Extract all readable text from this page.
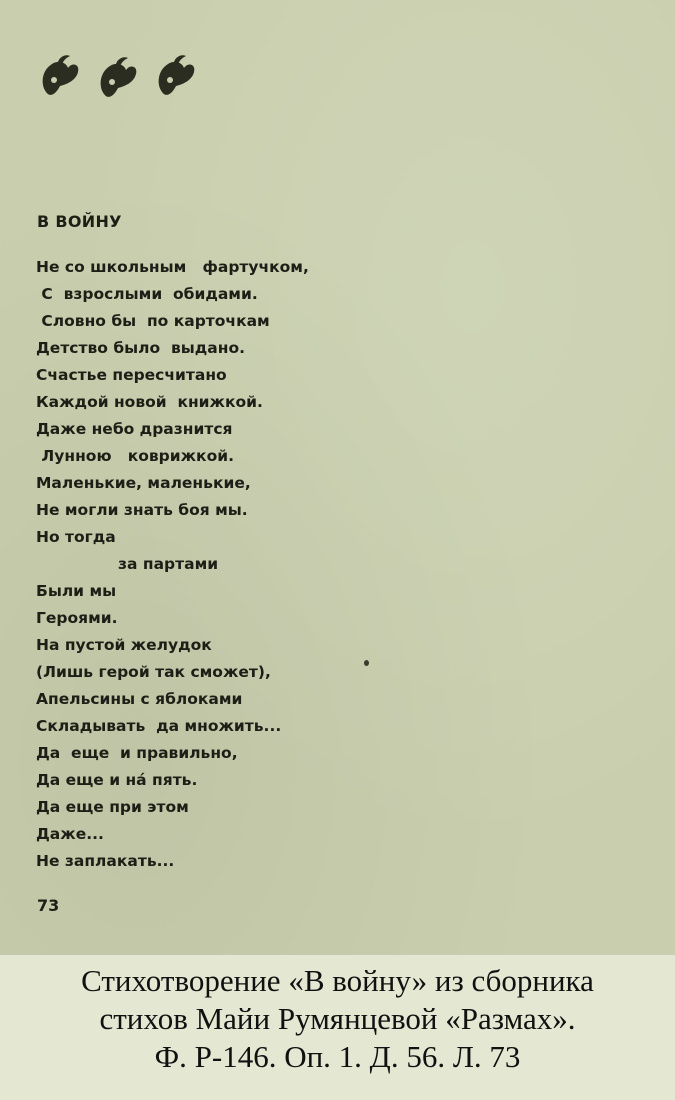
В ВОЙНУ
Не со школьным   фартучком,
С  взрослыми  обидами.
Словно бы  по карточкам
Детство было  выдано.
Счастье пересчитано
Каждой новой  книжкой.
Даже небо дразнится
Лунною   коврижкой.
Маленькие, маленькие,
Не могли знать боя мы.
Но тогда
за партами
Были мы
Героями.
На пустой желудок
(Лишь герой так сможет),
Апельсины с яблоками
Складывать  да множить...
Да  еще  и правильно,
Да еще и на́ пять.
Да еще при этом
Даже...
Не заплакать...
73
Стихотворение «В войну» из сборника
стихов Майи Румянцевой «Размах».
Ф. Р-146. Оп. 1. Д. 56. Л. 73
